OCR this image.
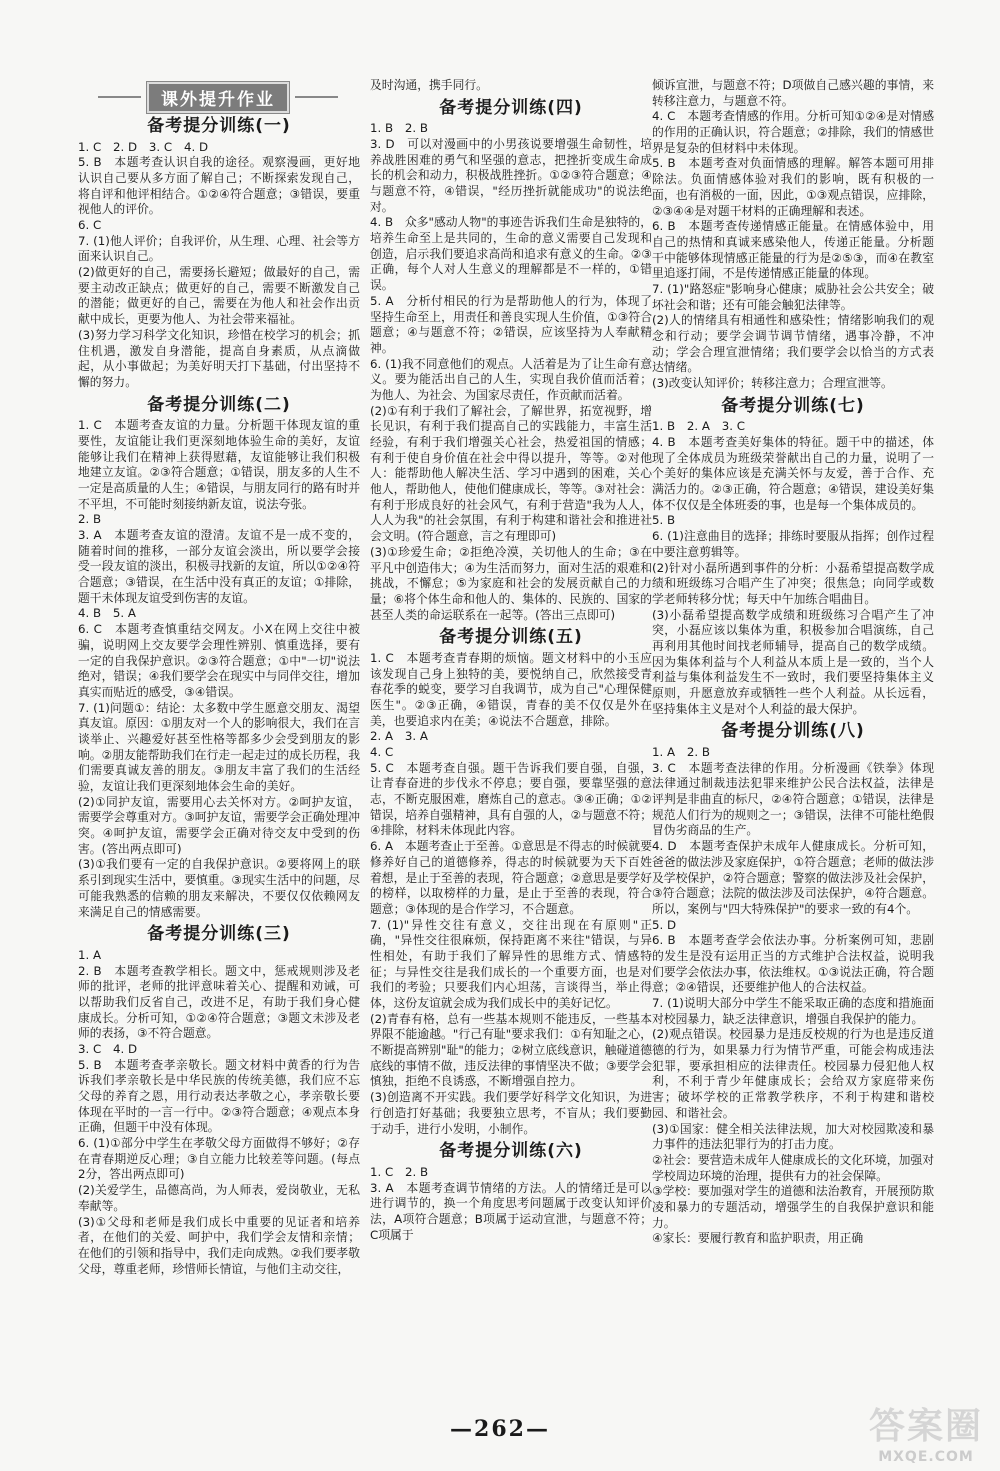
课外提升作业
备考提分训练(一)
1. C　2. D　3. C　4. D
5. B　本题考查认识自我的途径。观察漫画，更好地认识自己要从多方面了解自己；不断探索发现自己，将自评和他评相结合。①②④符合题意；③错误，要重视他人的评价。
6. C
7. (1)他人评价；自我评价，从生理、心理、社会等方面来认识自己。
(2)做更好的自己，需要扬长避短；做最好的自己，需要主动改正缺点；做更好的自己，需要不断激发自己的潜能；做更好的自己，需要在为他人和社会作出贡献中成长，更要为他人、为社会带来福祉。
(3)努力学习科学文化知识，珍惜在校学习的机会；抓住机遇，激发自身潜能，提高自身素质，从点滴做起，从小事做起；为美好明天打下基础，付出坚持不懈的努力。
备考提分训练(二)
1. C　本题考查友谊的力量。分析题干体现友谊的重要性，友谊能让我们更深刻地体验生命的美好，友谊能够让我们在精神上获得慰藉，友谊能够让我们积极地建立友谊。②③符合题意；①错误，朋友多的人生不一定是高质量的人生；④错误，与朋友同行的路有时并不平坦，不可能时刻接纳新友谊，说法夸张。
2. B
3. A　本题考查友谊的澄清。友谊不是一成不变的，随着时间的推移，一部分友谊会淡出，所以要学会接受一段友谊的淡出，积极寻找新的友谊，所以①②④符合题意；③错误，在生活中没有真正的友谊；①排除，题干未体现友谊受到伤害的友谊。
4. B　5. A
6. C　本题考查慎重结交网友。小X在网上交往中被骗，说明网上交友要学会理性辨别、慎重选择，要有一定的自我保护意识。②③符合题意；①中"一切"说法绝对，错误；④我们要学会在现实中与同伴交往，增加真实而贴近的感受，③④错误。
7. (1)问题①：结论：太多数中学生愿意交朋友、渴望真友谊。原因：①朋友对一个人的影响很大，我们在言谈举止、兴趣爱好甚至性格等都多少会受到朋友的影响。②朋友能帮助我们在行走一起走过的成长历程，我们需要真诚友善的朋友。③朋友丰富了我们的生活经验，友谊让我们更深刻地体会生命的美好。
(2)①同护友谊，需要用心去关怀对方。②呵护友谊，需要学会尊重对方。③呵护友谊，需要学会正确处理冲突。④呵护友谊，需要学会正确对待交友中受到的伤害。(答出两点即可)
(3)①我们要有一定的自我保护意识。②要将网上的联系引到现实生活中，要慎重。③现实生活中的问题，尽可能我熟悉的信赖的朋友来解决，不要仅仅依赖网友来满足自己的情感需要。
备考提分训练(三)
1. A
2. B　本题考查教学相长。题文中，惩戒规则涉及老师的批评，老师的批评意味着关心、提醒和劝诫，可以帮助我们反省自己，改进不足，有助于我们身心健康成长。分析可知，①②④符合题意；③题文未涉及老师的表扬，③不符合题意。
3. C　4. D
5. B　本题考查孝亲敬长。题文材料中黄香的行为告诉我们孝亲敬长是中华民族的传统美德，我们应不忘父母的养育之恩，用行动表达孝敬之心，孝亲敬长要体现在平时的一言一行中。②③符合题意；④观点本身正确，但题干中没有体现。
6. (1)①部分中学生在孝敬父母方面做得不够好；②存在青春期逆反心理；③自立能力比较差等问题。(每点2分，答出两点即可)
(2)关爱学生，品德高尚，为人师表，爱岗敬业，无私奉献等。
(3)①父母和老师是我们成长中重要的见证者和培养者，在他们的关爱、呵护中，我们学会友情和亲情；在他们的引领和指导中，我们走向成熟。②我们要孝敬父母，尊重老师，珍惜师长情谊，与他们主动交往，
及时沟通，携手同行。
备考提分训练(四)
1. B　2. B
3. D　可以对漫画中的小男孩说要增强生命韧性，培养战胜困难的勇气和坚强的意志，把挫折变成生命成长的机会和动力，积极战胜挫折。①②③符合题意；④与题意不符，④错误，"经历挫折就能成功"的说法绝对。
4. B　众多"感动人物"的事迹告诉我们生命是独特的，培养生命至上是共同的，生命的意义需要自己发现和创造，启示我们要追求高尚和追求有意义的生命。②③正确，每个人对人生意义的理解都是不一样的，①错误。
5. A　分析付相民的行为是帮助他人的行为，体现了坚持生命至上，用责任和善良实现人生价值，①③符合题意；④与题意不符；②错误，应该坚持为人奉献精神。
6. (1)我不同意他们的观点。人活着是为了让生命有意义。要为能活出自己的人生，实现自我价值而活着；为他人、为社会、为国家尽责任，作贡献而活着。
(2)①有利于我们了解社会，了解世界，拓宽视野，增长见识，有利于我们提高自己的实践能力，丰富生活经验，有利于我们增强关心社会，热爱祖国的情感；有利于使自身价值在社会中得以提升，等等。②对他人：能帮助他人解决生活、学习中遇到的困难，关心他人，帮助他人，使他们健康成长，等等。③对社会：有利于形成良好的社会风气，有利于营造"我为人人，人人为我"的社会氛围，有利于构建和谐社会和推进社会文明。(符合题意，言之有理即可)
(3)①珍爱生命；②拒绝冷漠，关切他人的生命；③在平凡中创造伟大；④为生活而努力，面对生活的艰难和挑战，不懈怠；⑤为家庭和社会的发展贡献自己的力量；⑥将个体生命和他人的、集体的、民族的、国家的甚至人类的命运联系在一起等。(答出三点即可)
备考提分训练(五)
1. C　本题考查青春期的烦恼。题文材料中的小玉应该发现自己身上独特的美，要悦纳自己，欣然接受青春花季的蜕变，要学习自我调节，成为自己"心理保健医生"。②③正确，④错误，青春的美不仅仅是外在美，也要追求内在美；④说法不合题意，排除。
2. A　3. A
4. C
5. C　本题考查自强。题干告诉我们要自强，自强，让青春奋进的步伐永不停息；要自强，要靠坚强的意志，不断克服困难，磨炼自己的意志。③④正确；①②错误，培养自强精神，具有自强的人，②与题意不符；④排除，材料未体现此内容。
6. A　本题考查止于至善。①意思是不得志的时候就要修养好自己的道德修养，得志的时候就要为天下百姓着想，是止于至善的表现，符合题意；②意思是要学好的榜样，以取榜样的力量，是止于至善的表现，符合题意；③体现的是合作学习，不合题意。
7. (1)"异性交往有意义，交往出现在有原则"正确，"异性交往很麻烦，保持距离不来往"错误，与异性相处，有助于我们了解异性的思维方式、情感特征；与异性交往是我们成长的一个重要方面，也是对我们的考验；只要我们内心坦荡，言谈得当，举止得体，这份友谊就会成为我们成长中的美好记忆。
(2)青春有格，总有一些基本规则不能违反，一些基本界限不能逾越。"行己有耻"要求我们：①有知耻之心，不断提高辨别"耻"的能力；②树立底线意识，触碰道德底线的事情不做，违反法律的事情坚决不做；③要学会慎独，拒绝不良诱惑，不断增强自控力。
(3)创造离不开实践。我们要学好科学文化知识，为进行创造打好基础；我要独立思考，不盲从；我们要勤于动手，进行小发明，小制作。
备考提分训练(六)
1. C　2. B
3. A　本题考查调节情绪的方法。人的情绪迁是可以进行调节的，换一个角度思考问题属于改变认知评价法，A项符合题意；B项属于运动宣泄，与题意不符；C项属于
倾诉宣泄，与题意不符；D项做自己感兴趣的事情，来转移注意力，与题意不符。
4. C　本题考查情感的作用。分析可知①②④是对情感的作用的正确认识，符合题意；②排除，我们的情感世界是复杂的但材料中未体现。
5. B　本题考查对负面情感的理解。解答本题可用排除法。负面情感体验对我们的影响，既有积极的一面，也有消极的一面，因此，①③观点错误，应排除，②③④④是对题干材料的正确理解和表述。
6. B　本题考查传递情感正能量。在情感体验中，用自己的热情和真诚来感染他人，传递正能量。分析题干中能够体现情感正能量的行为是②⑤③，而④在教室里追逐打闹，不是传递情感正能量的体现。
7. (1)"路怒症"影响身心健康；威胁社会公共安全；破坏社会和谐；还有可能会触犯法律等。
(2)人的情绪具有相通性和感染性；情绪影响我们的观念和行动；要学会调节调节情绪，遇事冷静，不冲动；学会合理宣泄情绪；我们要学会以恰当的方式表达情绪。
(3)改变认知评价；转移注意力；合理宣泄等。
备考提分训练(七)
1. B　2. A　3. C
4. B　本题考查美好集体的特征。题干中的描述，体现了全体成员为班级荣誉献出自己的力量，说明了一个美好的集体应该是充满关怀与友爱，善于合作、充满活力的。②③正确，符合题意；④错误，建设美好集体不仅仅是全体班委的事，也是每一个集体成员的。
5. B
6. (1)注意曲目的选择；排练时要服从指挥；创作过程中要注意剪辑等。
(2)针对小磊所遇到事件的分析：小磊希望提高数学成绩和班级练习合唱产生了冲突；很焦急；向同学或数学老师转移分忧；每天中午加练合唱曲目。
(3)小磊希望提高数学成绩和班级练习合唱产生了冲突，小磊应该以集体为重，积极参加合唱演练，自己再利用其他时间找老师辅导，提高自己的数学成绩。因为集体利益与个人利益从本质上是一致的，当个人利益与集体利益发生不一致时，我们要坚持集体主义原则，升愿意放弃或牺牲一些个人利益。从长远看，坚持集体主义是对个人利益的最大保护。
备考提分训练(八)
1. A　2. B
3. C　本题考查法律的作用。分析漫画《铁拳》体现法律通过制裁违法犯罪来维护公民合法权益，法律是评判是非曲直的标尺，②④符合题意；①错误，法律是规范人们行为的规则之一；③错误，法律不可能杜绝假冒伪劣商品的生产。
4. D　本题考查保护未成年人健康成长。分析可知，爸爸的做法涉及家庭保护，①符合题意；老师的做法涉及学校保护，②符合题意；警察的做法涉及社会保护，③符合题意；法院的做法涉及司法保护，④符合题意。所以，案例与"四大特殊保护"的要求一致的有4个。
5. D
6. B　本题考查学会依法办事。分析案例可知，悲剧的发生是没有运用正当的方式维护合法权益，说明我们要学会依法办事，依法维权。①③说法正确，符合题意；②④错误，还要维护他人的合法权益。
7. (1)说明大部分中学生不能采取正确的态度和措施面对校园暴力，缺乏法律意识，增强自我保护的能力。
(2)观点错误。校园暴力是违反校规的行为也是违反道德的行为，如果暴力行为情节严重，可能会构成违法犯罪，要承担相应的法律责任。校园暴力侵犯他人权利，不利于青少年健康成长；会给双方家庭带来伤害；破坏学校的正常教学秩序，不利于构建和谐校园、和谐社会。
(3)①国家：健全相关法律法规，加大对校园欺凌和暴力事件的违法犯罪行为的打击力度。
②社会：要营造未成年人健康成长的文化环境，加强对学校周边环境的治理，提供有力的社会保障。
③学校：要加强对学生的道德和法治教育，开展预防欺凌和暴力的专题活动，增强学生的自我保护意识和能力。
④家长：要履行教育和监护职责，用正确
—262—	答案圈
MXQE.COM
